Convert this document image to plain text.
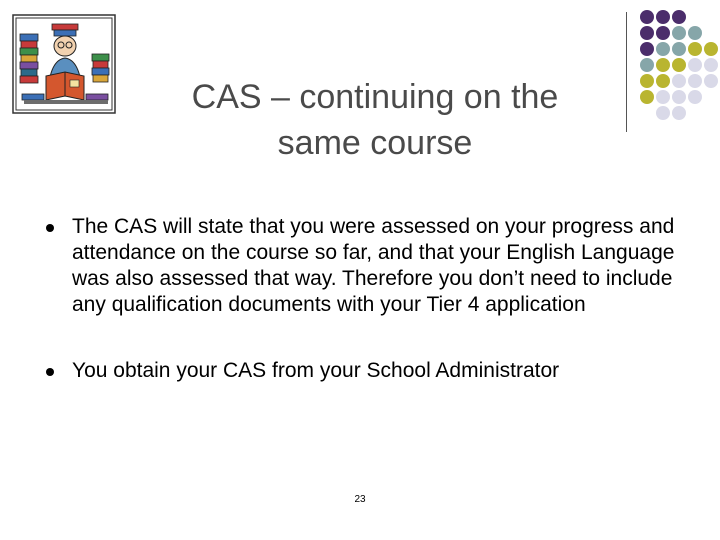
CAS – continuing on the
same course
The CAS will state that you were assessed on your progress and attendance on the course so far, and that your English Language was also assessed that way. Therefore you don’t need to include any qualification documents with your Tier 4 application
You obtain your CAS from your School Administrator
23
